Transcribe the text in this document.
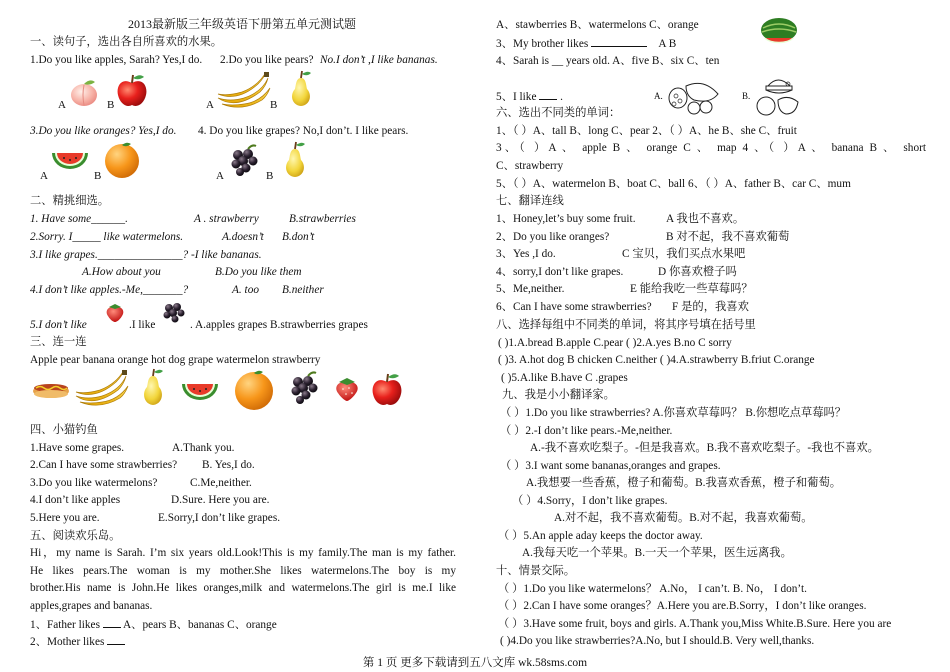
2013最新版三年级英语下册第五单元测试题
一、读句子，选出各自所喜欢的水果。
1.Do you like apples, Sarah? Yes,I do. 2.Do you like pears? No.I don’t ,I like bananas.
A	B	A	B
3.Do you like oranges? Yes,I do. 4. Do you like grapes? No,I don’t. I like pears.
A	B	A	B
二、精挑细选。
1. Have some______.	A . strawberry	B.strawberries
2.Sorry. I_____ like watermelons.	A.doesn’t B.don’t
3.I like grapes._______________? -I like bananas.
A.How about you	B.Do you like them
4.I don’t like apples.-Me,_______?	A. too B.neither
5.I don’t like	.I like	. A.apples grapes B.strawberries grapes
三、连一连
Apple pear banana orange hot dog grape watermelon strawberry
四、小猫钓鱼
1.Have some grapes.	A.Thank you.
2.Can I have some strawberries? B. Yes,I do.
3.Do you like watermelons?	C.Me,neither.
4.I don’t like apples	D.Sure. Here you are.
5.Here you are.	E.Sorry,I don’t like grapes.
五、阅读欢乐岛。
Hi，my name is Sarah. I’m six years old.Look!This is my family.The man is my father.
He likes pears.The woman is my mother.She likes watermelons.The boy is my
brother.His name is John.He likes oranges,milk and watermelons.The girl is me.I like
apples,grapes and bananas.
1、Father likes A、pears B、bananas C、orange
2、Mother likes
A、stawberries B、watermelons C、orange
3、My brother likes	A B
4、Sarah is __ years old. A、five B、six C、ten
5、I like .	A.	B.
六、选出不同类的单词：
1、（ ）A、tall B、long C、pear 2、（ ）A、he B、she C、fruit
3、（ ）A 、 apple B 、 orange C 、 map 4 、（ ）A 、 banana B 、 short
C、strawberry
5、（ ）A、watermelon B、boat C、ball 6、（ ）A、father B、car C、mum
七、翻译连线
1、Honey,let’s buy some fruit.	A 我也不喜欢。
2、Do you like oranges?	B 对不起，我不喜欢葡萄
3、Yes ,I do.	C 宝贝，我们买点水果吧
4、sorry,I don’t like grapes.	D 你喜欢橙子吗
5、Me,neither.	E 能给我吃一些草莓吗？
6、Can I have some strawberries? F 是的，我喜欢
八、选择每组中不同类的单词，将其序号填在括号里
( )1.A.bread B.apple C.pear ( )2.A.yes B.no C sorry
( )3. A.hot dog B chicken C.neither ( )4.A.strawberry B.friut C.orange
( )5.A.like B.have C .grapes
九、我是小小翻译家。
（ ）1.Do you like strawberries? A.你喜欢草莓吗？ B.你想吃点草莓吗？
（ ）2.-I don’t like pears.-Me,neither.
A.-我不喜欢吃梨子。-但是我喜欢。B.我不喜欢吃梨子。-我也不喜欢。
（ ）3.I want some bananas,oranges and grapes.
A.我想要一些香蕉，橙子和葡萄。B.我喜欢香蕉，橙子和葡萄。
（ ）4.Sorry，I don’t like grapes.
A.对不起，我不喜欢葡萄。B.对不起，我喜欢葡萄。
（ ）5.An apple aday keeps the doctor away.
A.我每天吃一个苹果。B.一天一个苹果，医生远离我。
十、情景交际。
（ ）1.Do you like watermelons？ A.No， I can’t. B. No， I don’t.
（ ）2.Can I have some oranges？A.Here you are.B.Sorry，I don’t like oranges.
（ ）3.Have some fruit, boys and girls. A.Thank you,Miss White.B.Sure. Here you are
( )4.Do you like strawberries?A.No, but I should.B. Very well,thanks.
第 1 页 更多下载请到五八文库 wk.58sms.com
